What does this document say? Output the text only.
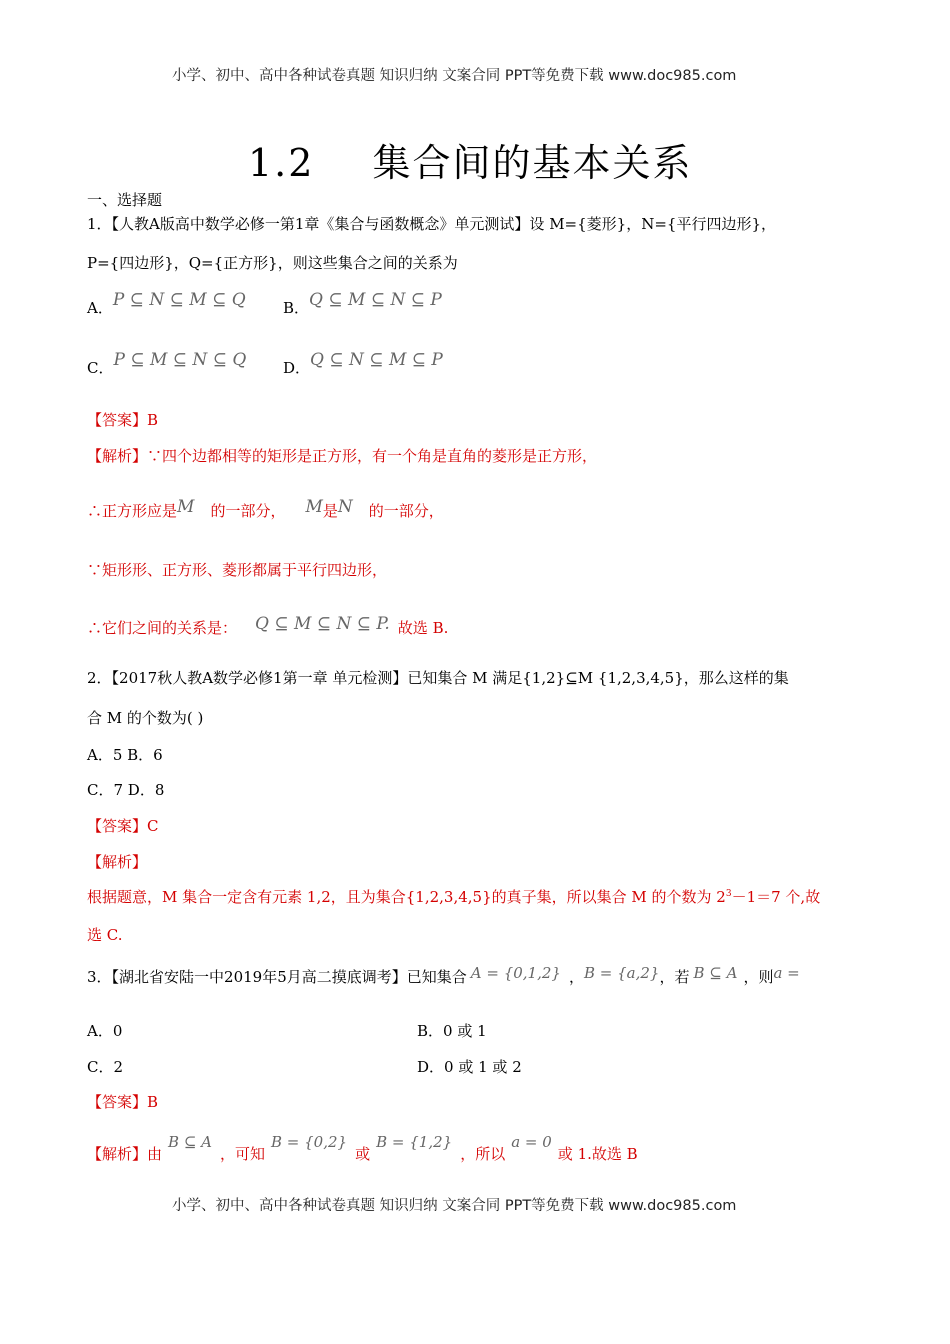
小学、初中、高中各种试卷真题 知识归纳 文案合同 PPT等免费下载 www.doc985.com
1.2 集合间的基本关系
一、选择题
1．【人教A版高中数学必修一第1章《集合与函数概念》单元测试】设 M={菱形}，N={平行四边形}，
P={四边形}，Q={正方形}，则这些集合之间的关系为
A．P ⊆ N ⊆ M ⊆ Q B．Q ⊆ M ⊆ N ⊆ P
C．P ⊆ M ⊆ N ⊆ Q D．Q ⊆ N ⊆ M ⊆ P
【答案】B
【解析】∵四个边都相等的矩形是正方形，有一个角是直角的菱形是正方形，
∴正方形应是M 的一部分， M是N 的一部分，
∵矩形形、正方形、菱形都属于平行四边形，
∴它们之间的关系是： Q ⊆ M ⊆ N ⊆ P. 故选 B.
2．【2017秋人教A数学必修1第一章 单元检测】已知集合 M 满足{1,2}⊆M {1,2,3,4,5}，那么这样的集
合 M 的个数为( )
A．5 B．6
C．7 D．8
【答案】C
【解析】
根据题意，M 集合一定含有元素 1,2，且为集合{1,2,3,4,5}的真子集，所以集合 M 的个数为 $2^3-1=7$ 个,故
选 C.
3．【湖北省安陆一中2019年5月高二摸底调考】已知集合 A = {0,1,2} ，B = {a,2}，若 B ⊆ A ，则a =
A．0	B．0 或 1
C．2	D．0 或 1 或 2
【答案】B
【解析】由B ⊆ A，可知B = {0,2}或B = {1,2}，所以a = 0或 1.故选 B
小学、初中、高中各种试卷真题 知识归纳 文案合同 PPT等免费下载 www.doc985.com
